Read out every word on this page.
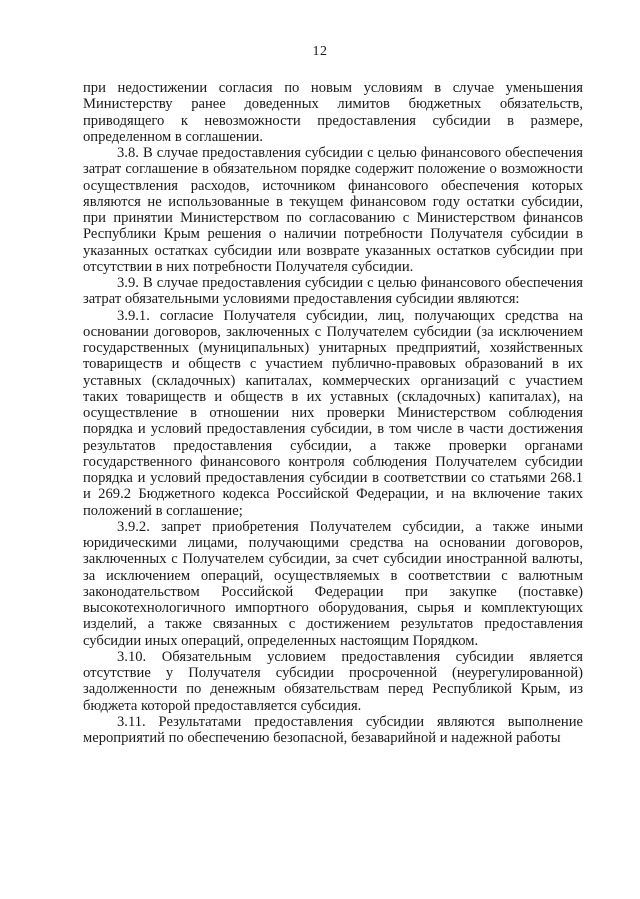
12

при недостижении согласия по новым условиям в случае уменьшения Министерству ранее доведенных лимитов бюджетных обязательств, приводящего к невозможности предоставления субсидии в размере, определенном в соглашении.

3.8. В случае предоставления субсидии с целью финансового обеспечения затрат соглашение в обязательном порядке содержит положение о возможности осуществления расходов, источником финансового обеспечения которых являются не использованные в текущем финансовом году остатки субсидии, при принятии Министерством по согласованию с Министерством финансов Республики Крым решения о наличии потребности Получателя субсидии в указанных остатках субсидии или возврате указанных остатков субсидии при отсутствии в них потребности Получателя субсидии.

3.9. В случае предоставления субсидии с целью финансового обеспечения затрат обязательными условиями предоставления субсидии являются:

3.9.1. согласие Получателя субсидии, лиц, получающих средства на основании договоров, заключенных с Получателем субсидии (за исключением государственных (муниципальных) унитарных предприятий, хозяйственных товариществ и обществ с участием публично-правовых образований в их уставных (складочных) капиталах, коммерческих организаций с участием таких товариществ и обществ в их уставных (складочных) капиталах), на осуществление в отношении них проверки Министерством соблюдения порядка и условий предоставления субсидии, в том числе в части достижения результатов предоставления субсидии, а также проверки органами государственного финансового контроля соблюдения Получателем субсидии порядка и условий предоставления субсидии в соответствии со статьями 268.1 и 269.2 Бюджетного кодекса Российской Федерации, и на включение таких положений в соглашение;

3.9.2. запрет приобретения Получателем субсидии, а также иными юридическими лицами, получающими средства на основании договоров, заключенных с Получателем субсидии, за счет субсидии иностранной валюты, за исключением операций, осуществляемых в соответствии с валютным законодательством Российской Федерации при закупке (поставке) высокотехнологичного импортного оборудования, сырья и комплектующих изделий, а также связанных с достижением результатов предоставления субсидии иных операций, определенных настоящим Порядком.

3.10. Обязательным условием предоставления субсидии является отсутствие у Получателя субсидии просроченной (неурегулированной) задолженности по денежным обязательствам перед Республикой Крым, из бюджета которой предоставляется субсидия.

3.11. Результатами предоставления субсидии являются выполнение мероприятий по обеспечению безопасной, безаварийной и надежной работы
